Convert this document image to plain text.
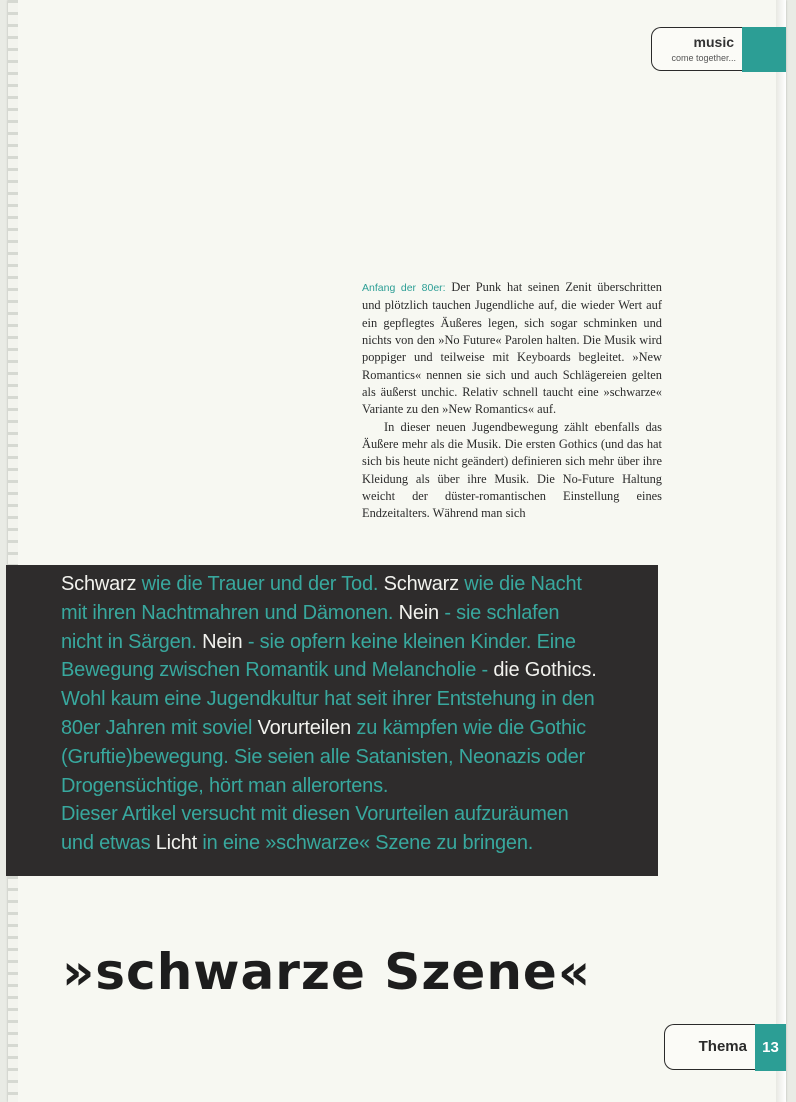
music
come together...

Anfang der 80er: Der Punk hat seinen Zenit überschritten und plötzlich tauchen Jugendliche auf, die wieder Wert auf ein gepflegtes Äußeres legen, sich sogar schminken und nichts von den »No Future« Parolen halten. Die Musik wird poppiger und teilweise mit Keyboards begleitet. »New Romantics« nennen sie sich und auch Schlägereien gelten als äußerst unchic. Relativ schnell taucht eine »schwarze« Variante zu den »New Romantics« auf.

In dieser neuen Jugendbewegung zählt ebenfalls das Äußere mehr als die Musik. Die ersten Gothics (und das hat sich bis heute nicht geändert) definieren sich mehr über ihre Kleidung als über ihre Musik. Die No-Future Haltung weicht der düster-romantischen Einstellung eines Endzeitalters. Während man sich

Schwarz wie die Trauer und der Tod. Schwarz wie die Nacht
mit ihren Nachtmahren und Dämonen. Nein - sie schlafen
nicht in Särgen. Nein - sie opfern keine kleinen Kinder. Eine
Bewegung zwischen Romantik und Melancholie - die Gothics.
Wohl kaum eine Jugendkultur hat seit ihrer Entstehung in den
80er Jahren mit soviel Vorurteilen zu kämpfen wie die Gothic
(Gruftie)bewegung. Sie seien alle Satanisten, Neonazis oder
Drogensüchtige, hört man allerortens.
Dieser Artikel versucht mit diesen Vorurteilen aufzuräumen
und etwas Licht in eine »schwarze« Szene zu bringen.
»schwarze Szene«
Thema	13
